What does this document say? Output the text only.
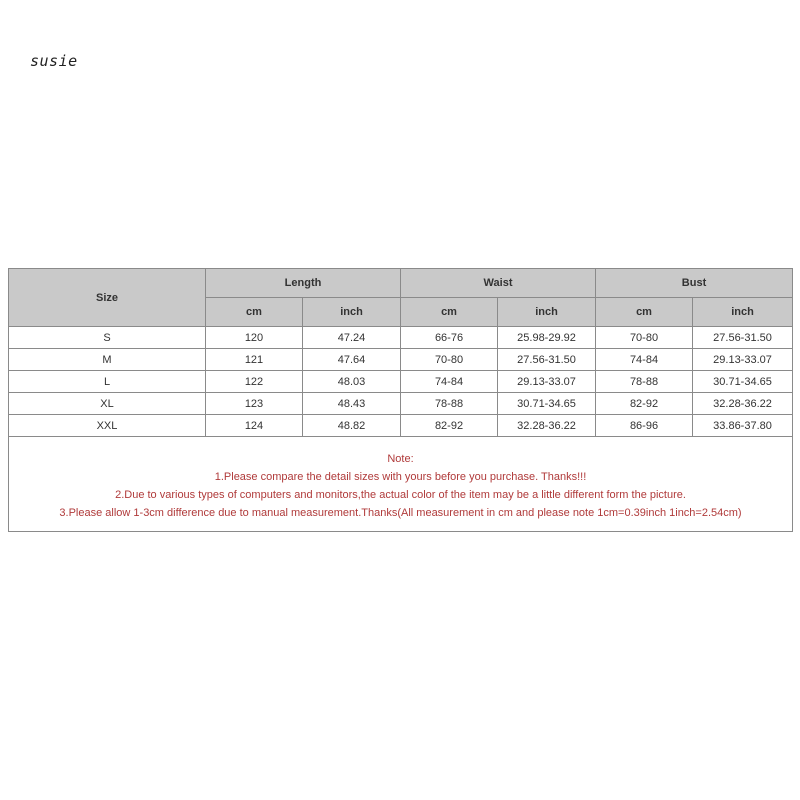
susie
Size	Length		Waist		Bust	
	cm	inch	cm	inch	cm	inch
S	120	47.24	66-76	25.98-29.92	70-80	27.56-31.50
M	121	47.64	70-80	27.56-31.50	74-84	29.13-33.07
L	122	48.03	74-84	29.13-33.07	78-88	30.71-34.65
XL	123	48.43	78-88	30.71-34.65	82-92	32.28-36.22
XXL	124	48.82	82-92	32.28-36.22	86-96	33.86-37.80

Note:
1.Please compare the detail sizes with yours before you purchase. Thanks!!!
2.Due to various types of computers and monitors,the actual color of the item may be a little different form the picture.
3.Please allow 1-3cm difference due to manual measurement.Thanks(All measurement in cm and please note 1cm=0.39inch 1inch=2.54cm)						
